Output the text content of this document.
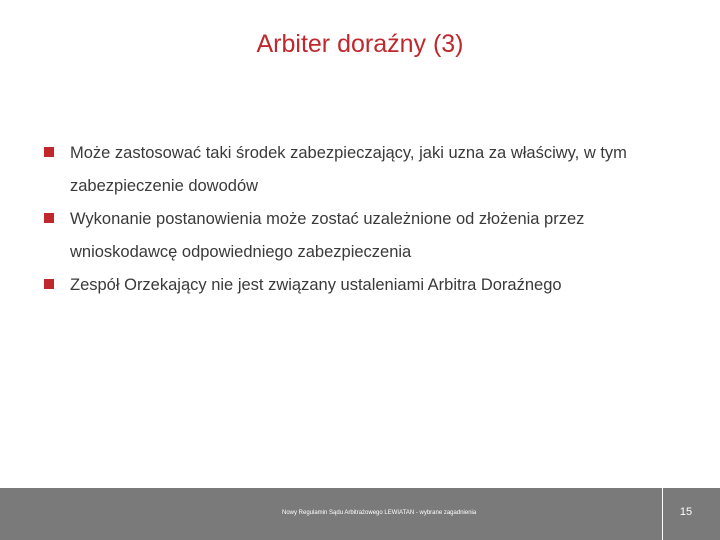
Arbiter doraźny (3)
Może zastosować taki środek zabezpieczający, jaki uzna za właściwy, w tym zabezpieczenie dowodów
Wykonanie postanowienia może zostać uzależnione od złożenia przez wnioskodawcę odpowiedniego zabezpieczenia
Zespół Orzekający nie jest związany ustaleniami Arbitra Doraźnego
Nowy Regulamin Sądu Arbitrażowego LEWIATAN - wybrane zagadnienia	15
